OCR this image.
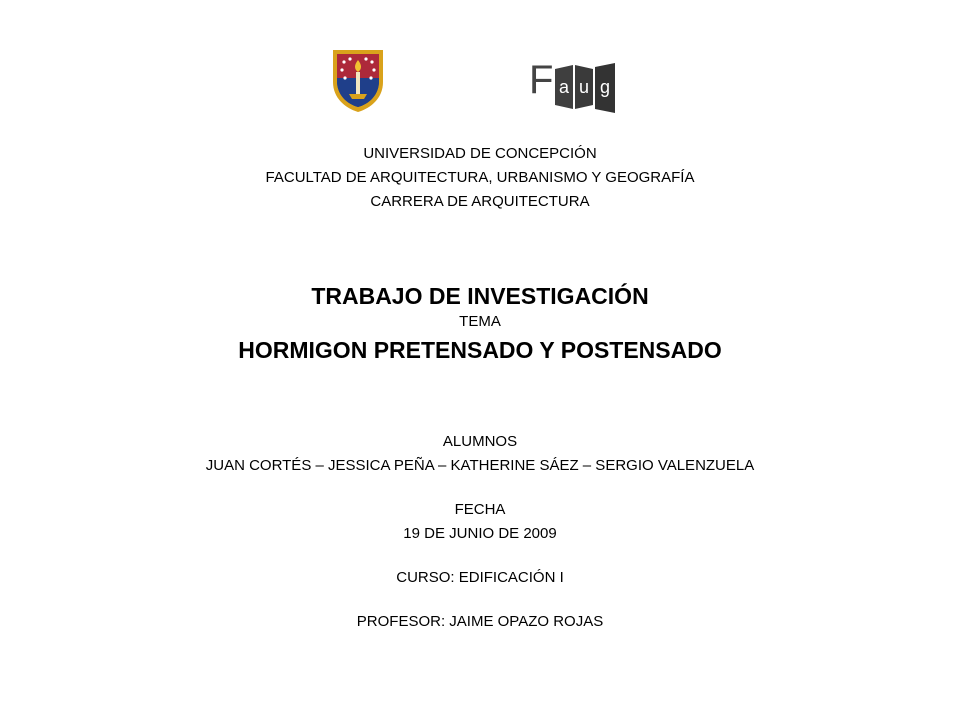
F a u g
UNIVERSIDAD DE CONCEPCIÓN
FACULTAD DE ARQUITECTURA, URBANISMO Y GEOGRAFÍA
CARRERA DE ARQUITECTURA
TRABAJO DE INVESTIGACIÓN
TEMA
HORMIGON PRETENSADO Y POSTENSADO
ALUMNOS
JUAN CORTÉS – JESSICA PEÑA – KATHERINE SÁEZ – SERGIO VALENZUELA
FECHA
19 DE JUNIO DE 2009
CURSO: EDIFICACIÓN I
PROFESOR: JAIME OPAZO ROJAS
